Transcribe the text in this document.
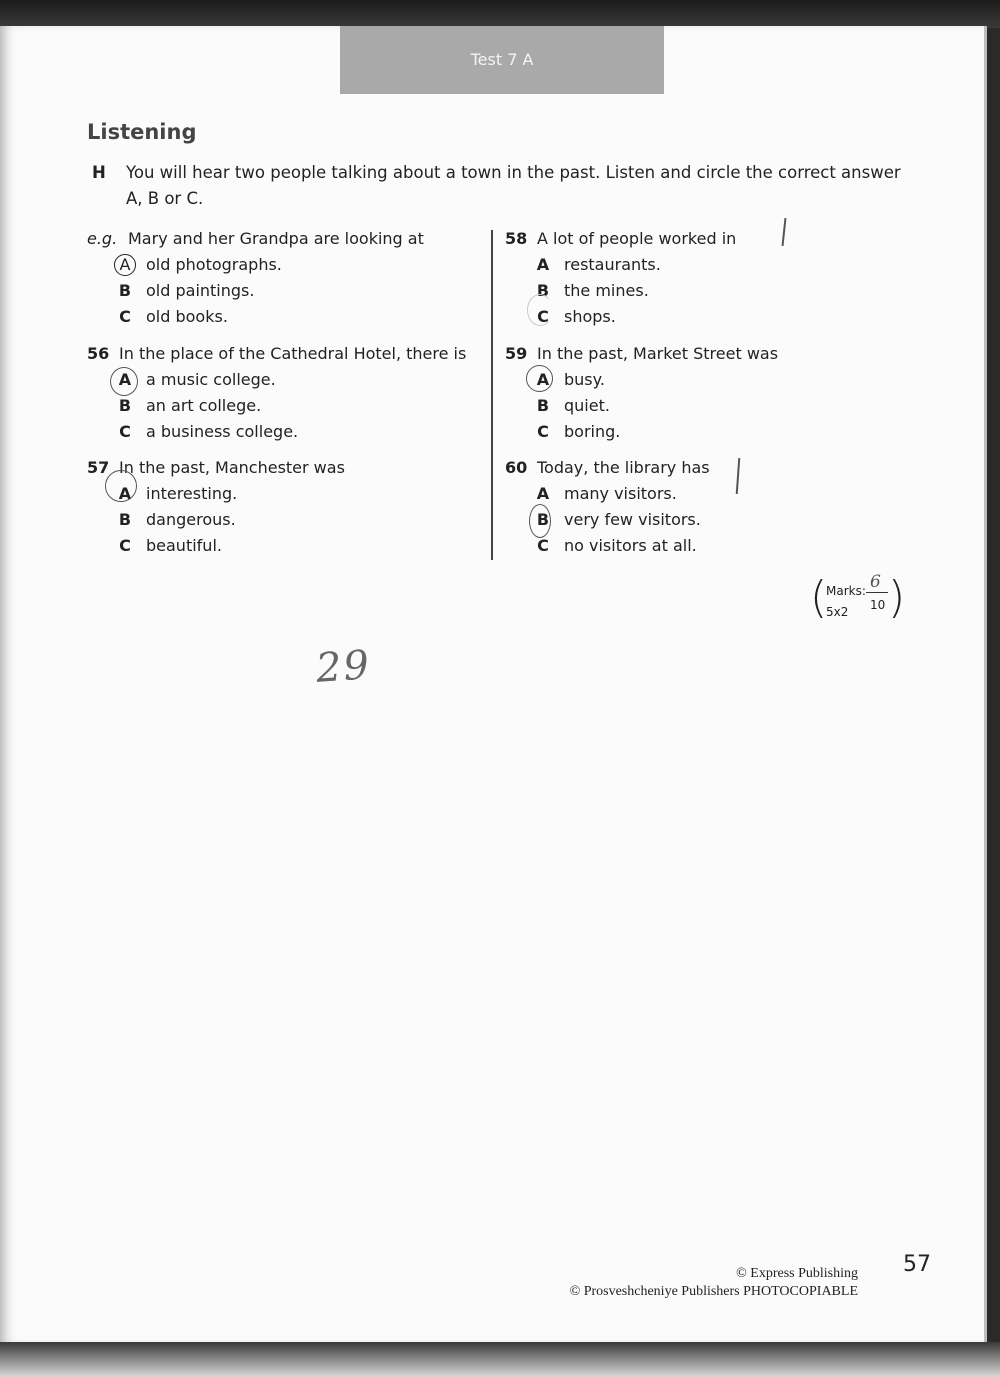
Test 7 A
Listening
H You will hear two people talking about a town in the past. Listen and circle the correct answer A, B or C.
e.g. Mary and her Grandpa are looking at
A old photographs.
B old paintings.
C old books.
56 In the place of the Cathedral Hotel, there is
A a music college.
B an art college.
C a business college.
57 In the past, Manchester was
A interesting.
B dangerous.
C beautiful.
58 A lot of people worked in
A restaurants.
B the mines.
C shops.
59 In the past, Market Street was
A busy.
B quiet.
C boring.
60 Today, the library has
A many visitors.
B very few visitors.
C no visitors at all.
(
Marks:
5x2
6
10 )
29
© Express Publishing
© Prosveshcheniye Publishers PHOTOCOPIABLE
57
